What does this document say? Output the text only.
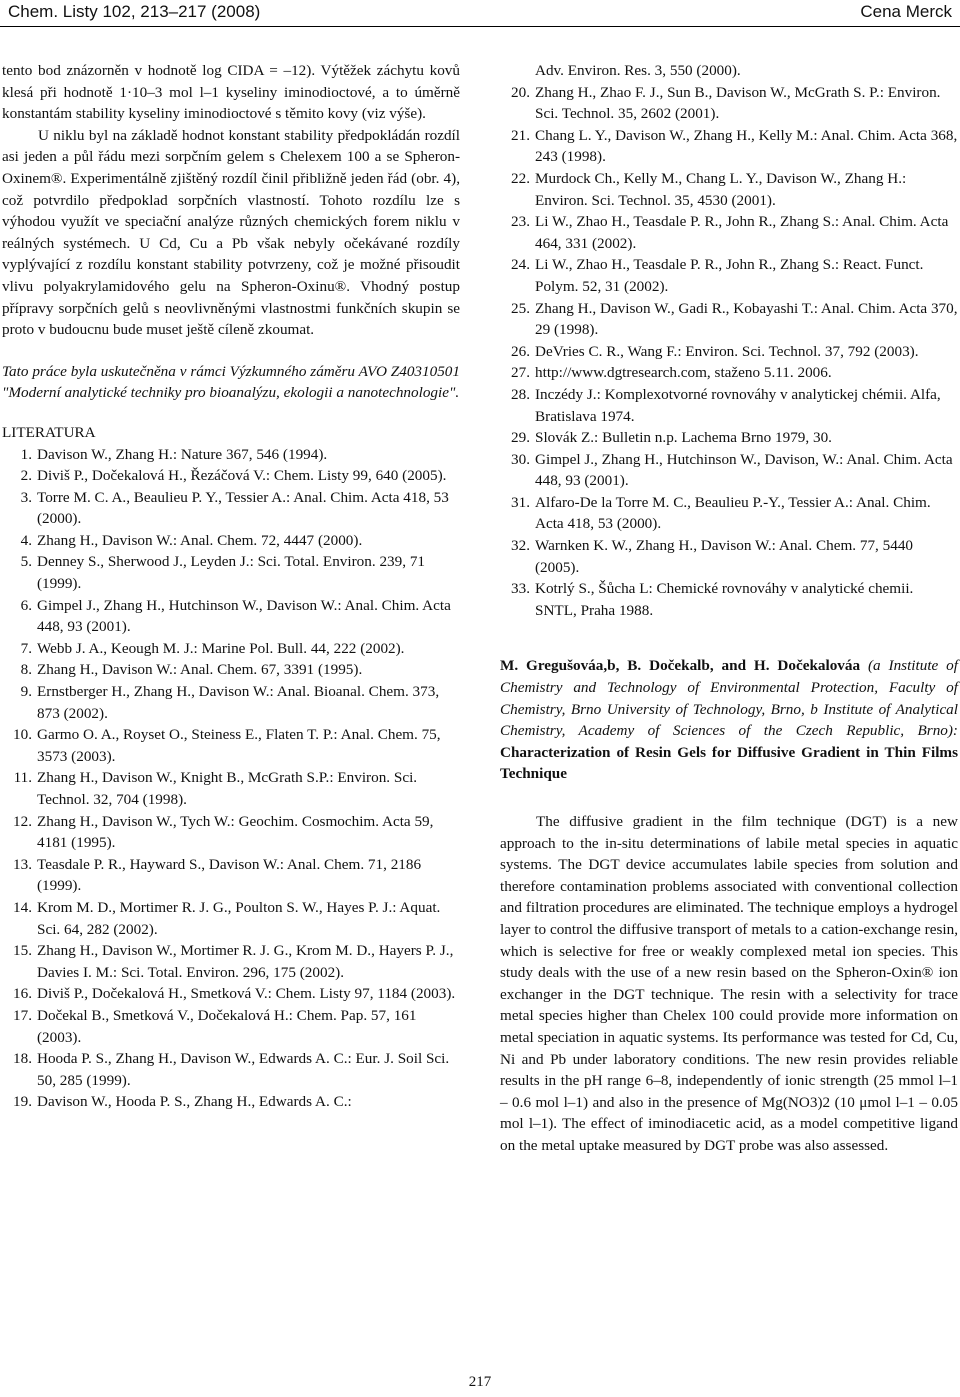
Chem. Listy 102, 213–217 (2008)	Cena Merck

tento bod znázorněn v hodnotě log CIDA = –12). Výtěžek záchytu kovů klesá při hodnotě 1·10–3 mol l–1 kyseliny iminodioctové, a to úměrně konstantám stability kyseliny iminodioctové s těmito kovy (viz výše).

U niklu byl na základě hodnot konstant stability předpokládán rozdíl asi jeden a půl řádu mezi sorpčním gelem s Chelexem 100 a se Spheron-Oxinem®. Experimentálně zjištěný rozdíl činil přibližně jeden řád (obr. 4), což potvrdilo předpoklad sorpčních vlastností. Tohoto rozdílu lze s výhodou využít ve speciační analýze různých chemických forem niklu v reálných systémech. U Cd, Cu a Pb však nebyly očekávané rozdíly vyplývající z rozdílu konstant stability potvrzeny, což je možné přisoudit vlivu polyakrylamidového gelu na Spheron-Oxinu®. Vhodný postup přípravy sorpčních gelů s neovlivněnými vlastnostmi funkčních skupin se proto v budoucnu bude muset ještě cíleně zkoumat.

Tato práce byla uskutečněna v rámci Výzkumného záměru AVO Z40310501 "Moderní analytické techniky pro bioanalýzu, ekologii a nanotechnologie".

LITERATURA
1. Davison W., Zhang H.: Nature 367, 546 (1994).
2. Diviš P., Dočekalová H., Řezáčová V.: Chem. Listy 99, 640 (2005).
3. Torre M. C. A., Beaulieu P. Y., Tessier A.: Anal. Chim. Acta 418, 53 (2000).
4. Zhang H., Davison W.: Anal. Chem. 72, 4447 (2000).
5. Denney S., Sherwood J., Leyden J.: Sci. Total. Environ. 239, 71 (1999).
6. Gimpel J., Zhang H., Hutchinson W., Davison W.: Anal. Chim. Acta 448, 93 (2001).
7. Webb J. A., Keough M. J.: Marine Pol. Bull. 44, 222 (2002).
8. Zhang H., Davison W.: Anal. Chem. 67, 3391 (1995).
9. Ernstberger H., Zhang H., Davison W.: Anal. Bioanal. Chem. 373, 873 (2002).
10. Garmo O. A., Royset O., Steiness E., Flaten T. P.: Anal. Chem. 75, 3573 (2003).
11. Zhang H., Davison W., Knight B., McGrath S.P.: Environ. Sci. Technol. 32, 704 (1998).
12. Zhang H., Davison W., Tych W.: Geochim. Cosmochim. Acta 59, 4181 (1995).
13. Teasdale P. R., Hayward S., Davison W.: Anal. Chem. 71, 2186 (1999).
14. Krom M. D., Mortimer R. J. G., Poulton S. W., Hayes P. J.: Aquat. Sci. 64, 282 (2002).
15. Zhang H., Davison W., Mortimer R. J. G., Krom M. D., Hayers P. J., Davies I. M.: Sci. Total. Environ. 296, 175 (2002).
16. Diviš P., Dočekalová H., Smetková V.: Chem. Listy 97, 1184 (2003).
17. Dočekal B., Smetková V., Dočekalová H.: Chem. Pap. 57, 161 (2003).
18. Hooda P. S., Zhang H., Davison W., Edwards A. C.: Eur. J. Soil Sci. 50, 285 (1999).
19. Davison W., Hooda P. S., Zhang H., Edwards A. C.:
Adv. Environ. Res. 3, 550 (2000).
20. Zhang H., Zhao F. J., Sun B., Davison W., McGrath S. P.: Environ. Sci. Technol. 35, 2602 (2001).
21. Chang L. Y., Davison W., Zhang H., Kelly M.: Anal. Chim. Acta 368, 243 (1998).
22. Murdock Ch., Kelly M., Chang L. Y., Davison W., Zhang H.: Environ. Sci. Technol. 35, 4530 (2001).
23. Li W., Zhao H., Teasdale P. R., John R., Zhang S.: Anal. Chim. Acta 464, 331 (2002).
24. Li W., Zhao H., Teasdale P. R., John R., Zhang S.: React. Funct. Polym. 52, 31 (2002).
25. Zhang H., Davison W., Gadi R., Kobayashi T.: Anal. Chim. Acta 370, 29 (1998).
26. DeVries C. R., Wang F.: Environ. Sci. Technol. 37, 792 (2003).
27. http://www.dgtresearch.com, staženo 5.11. 2006.
28. Inczédy J.: Komplexotvorné rovnováhy v analytickej chémii. Alfa, Bratislava 1974.
29. Slovák Z.: Bulletin n.p. Lachema Brno 1979, 30.
30. Gimpel J., Zhang H., Hutchinson W., Davison, W.: Anal. Chim. Acta 448, 93 (2001).
31. Alfaro-De la Torre M. C., Beaulieu P.-Y., Tessier A.: Anal. Chim. Acta 418, 53 (2000).
32. Warnken K. W., Zhang H., Davison W.: Anal. Chem. 77, 5440 (2005).
33. Kotrlý S., Šůcha L: Chemické rovnováhy v analytické chemii. SNTL, Praha 1988.

M. Gregušováa,b, B. Dočekalb, and H. Dočekalováa (a Institute of Chemistry and Technology of Environmental Protection, Faculty of Chemistry, Brno University of Technology, Brno, b Institute of Analytical Chemistry, Academy of Sciences of the Czech Republic, Brno): Characterization of Resin Gels for Diffusive Gradient in Thin Films Technique

The diffusive gradient in the film technique (DGT) is a new approach to the in-situ determinations of labile metal species in aquatic systems. The DGT device accumulates labile species from solution and therefore contamination problems associated with conventional collection and filtration procedures are eliminated. The technique employs a hydrogel layer to control the diffusive transport of metals to a cation-exchange resin, which is selective for free or weakly complexed metal ion species. This study deals with the use of a new resin based on the Spheron-Oxin® ion exchanger in the DGT technique. The resin with a selectivity for trace metal species higher than Chelex 100 could provide more information on metal speciation in aquatic systems. Its performance was tested for Cd, Cu, Ni and Pb under laboratory conditions. The new resin provides reliable results in the pH range 6–8, independently of ionic strength (25 mmol l–1 – 0.6 mol l–1) and also in the presence of Mg(NO3)2 (10 μmol l–1 – 0.05 mol l–1). The effect of iminodiacetic acid, as a model competitive ligand on the metal uptake measured by DGT probe was also assessed.

217
